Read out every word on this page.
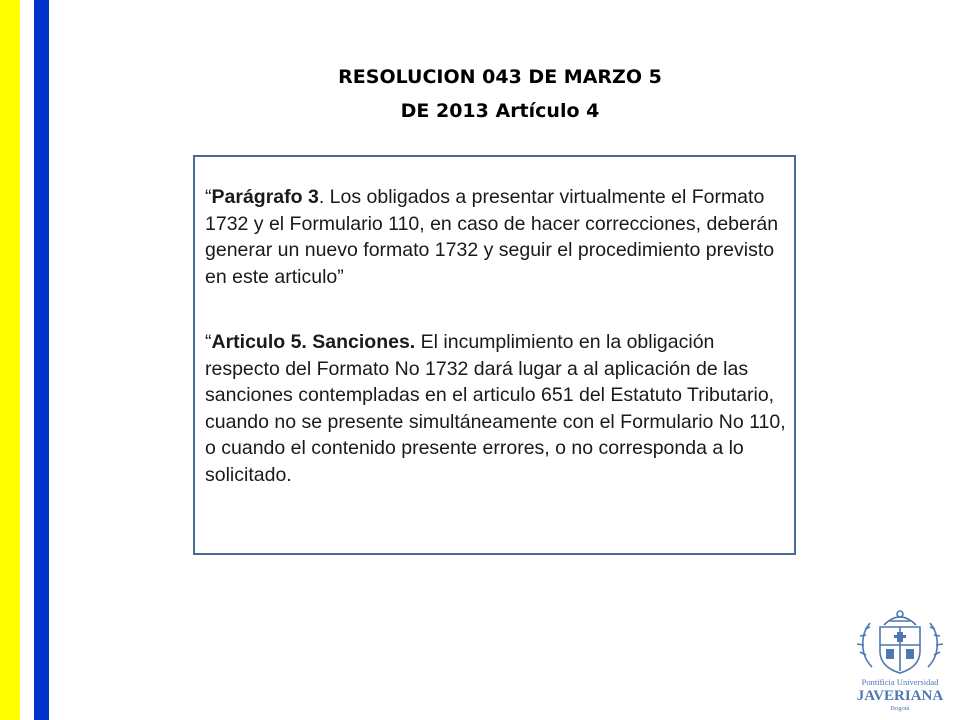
RESOLUCION 043 DE MARZO 5
DE 2013 Artículo 4

“Parágrafo 3. Los obligados a presentar virtualmente el Formato 1732 y el Formulario 110, en caso de hacer correcciones, deberán generar un nuevo formato 1732 y seguir el procedimiento previsto en este articulo”

“Articulo 5. Sanciones. El incumplimiento en la obligación respecto del Formato No 1732 dará lugar a al aplicación de las sanciones contempladas en el articulo 651 del Estatuto Tributario, cuando no se presente simultáneamente con el Formulario No 110, o cuando el contenido presente errores, o no corresponda a lo solicitado.

Pontificia Universidad
JAVERIANA
Bogotá
